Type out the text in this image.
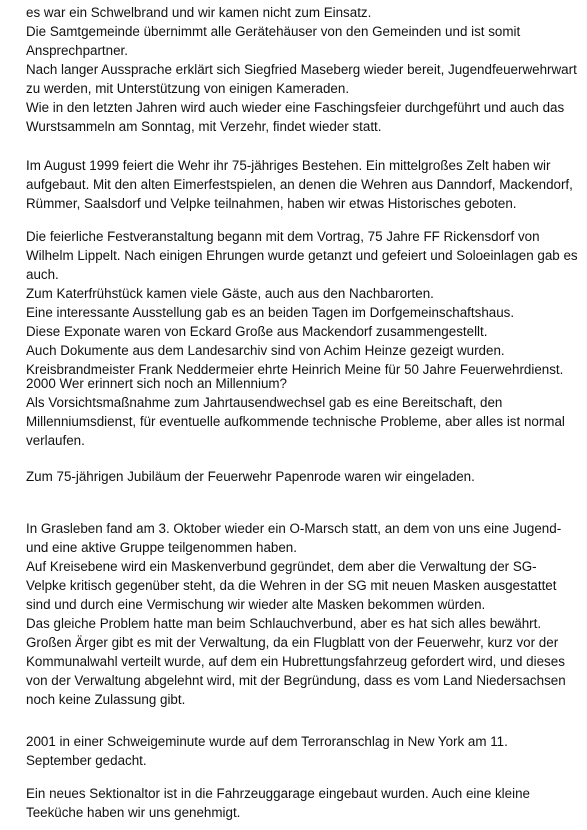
es war ein Schwelbrand und wir kamen nicht zum Einsatz.
Die Samtgemeinde übernimmt alle Gerätehäuser von den Gemeinden und ist somit
Ansprechpartner.
Nach langer Aussprache erklärt sich Siegfried Maseberg wieder bereit, Jugendfeuerwehrwart
zu werden, mit Unterstützung von einigen Kameraden.
Wie in den letzten Jahren wird auch wieder eine Faschingsfeier durchgeführt und auch das
Wurstsammeln am Sonntag, mit Verzehr, findet wieder statt.
Im August 1999 feiert die Wehr ihr 75-jähriges Bestehen. Ein mittelgroßes Zelt haben wir
aufgebaut. Mit den alten Eimerfestspielen, an denen die Wehren aus Danndorf, Mackendorf,
Rümmer, Saalsdorf und Velpke teilnahmen, haben wir etwas Historisches geboten.
Die feierliche Festveranstaltung begann mit dem Vortrag, 75 Jahre FF Rickensdorf von
Wilhelm Lippelt. Nach einigen Ehrungen wurde getanzt und gefeiert und Soloeinlagen gab es
auch.
Zum Katerfrühstück kamen viele Gäste, auch aus den Nachbarorten.
Eine interessante Ausstellung gab es an beiden Tagen im Dorfgemeinschaftshaus.
Diese Exponate waren von Eckard Große aus Mackendorf zusammengestellt.
Auch Dokumente aus dem Landesarchiv sind von Achim Heinze gezeigt wurden.
Kreisbrandmeister Frank Neddermeier ehrte Heinrich Meine für 50 Jahre Feuerwehrdienst.
2000 Wer erinnert sich noch an Millennium?
Als Vorsichtsmaßnahme zum Jahrtausendwechsel gab es eine Bereitschaft, den
Millenniumsdienst, für eventuelle aufkommende technische Probleme, aber alles ist normal
verlaufen.
Zum 75-jährigen Jubiläum der Feuerwehr Papenrode waren wir eingeladen.
In Grasleben fand am 3. Oktober wieder ein O-Marsch statt, an dem von uns eine Jugend-
und eine aktive Gruppe teilgenommen haben.
Auf Kreisebene wird ein Maskenverbund gegründet, dem aber die Verwaltung der SG-
Velpke kritisch gegenüber steht, da die Wehren in der SG mit neuen Masken ausgestattet
sind und durch eine Vermischung wir wieder alte Masken bekommen würden.
Das gleiche Problem hatte man beim Schlauchverbund, aber es hat sich alles bewährt.
Großen Ärger gibt es mit der Verwaltung, da ein Flugblatt von der Feuerwehr, kurz vor der
Kommunalwahl verteilt wurde, auf dem ein Hubrettungsfahrzeug gefordert wird, und dieses
von der Verwaltung abgelehnt wird, mit der Begründung, dass es vom Land Niedersachsen
noch keine Zulassung gibt.
2001 in einer Schweigeminute wurde auf dem Terroranschlag in New York am 11.
September gedacht.
Ein neues Sektionaltor ist in die Fahrzeuggarage eingebaut wurden. Auch eine kleine
Teeküche haben wir uns genehmigt.
